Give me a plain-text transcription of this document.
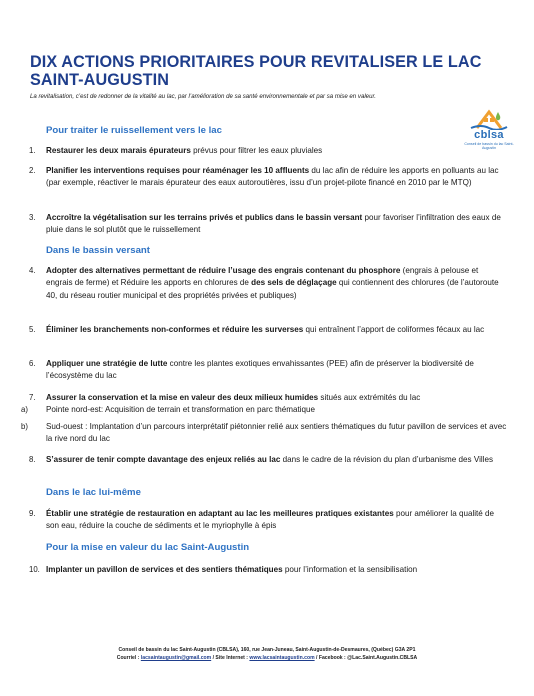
DIX ACTIONS PRIORITAIRES POUR REVITALISER LE LAC SAINT-AUGUSTIN
La revitalisation, c’est de redonner de la vitalité au lac, par l’amélioration de sa santé environnementale et par sa mise en valeur.
cblsa
Conseil de bassin du lac Saint-Augustin
Pour traiter le ruissellement vers le lac
1.	Restaurer les deux marais épurateurs prévus pour filtrer les eaux pluviales
2.	Planifier les interventions requises pour réaménager les 10 affluents du lac afin de réduire les apports en polluants au lac (par exemple, réactiver le marais épurateur des eaux autoroutières, issu d’un projet-pilote financé en 2010 par le MTQ)
3.	Accroître la végétalisation sur les terrains privés et publics dans le bassin versant pour favoriser l’infiltration des eaux de pluie dans le sol plutôt que le ruissellement
Dans le bassin versant
4.	Adopter des alternatives permettant de réduire l’usage des engrais contenant du phosphore (engrais à pelouse et engrais de ferme) et Réduire les apports en chlorures de des sels de déglaçage qui contiennent des chlorures (de l’autoroute 40, du réseau routier municipal et des propriétés privées et publiques)
5.	Éliminer les branchements non-conformes et réduire les surverses qui entraînent l’apport de coliformes fécaux au lac
6.	Appliquer une stratégie de lutte contre les plantes exotiques envahissantes (PEE) afin de préserver la biodiversité de l’écosystème du lac
7.	Assurer la conservation et la mise en valeur des deux milieux humides situés aux extrémités du lac
a)	Pointe nord-est: Acquisition de terrain et transformation en parc thématique
b)	Sud-ouest : Implantation d’un parcours interprétatif piétonnier relié aux sentiers thématiques du futur pavillon de services et avec la rive nord du lac
8.	S’assurer de tenir compte davantage des enjeux reliés au lac dans le cadre de la révision du plan d’urbanisme des Villes
Dans le lac lui-même
9.	Établir une stratégie de restauration en adaptant au lac les meilleures pratiques existantes pour améliorer la qualité de son eau, réduire la couche de sédiments et le myriophylle à épis
Pour la mise en valeur du lac Saint-Augustin
10. Implanter un pavillon de services et des sentiers thématiques pour l’information et la sensibilisation
Conseil de bassin du lac Saint-Augustin (CBLSA), 160, rue Jean-Juneau, Saint-Augustin-de-Desmaures, (Québec) G3A 2P1
Courriel : lacsaintaugustin@gmail.com / Site Internet : www.lacsaintaugustin.com / Facebook : @Lac.Saint.Augustin.CBLSA
